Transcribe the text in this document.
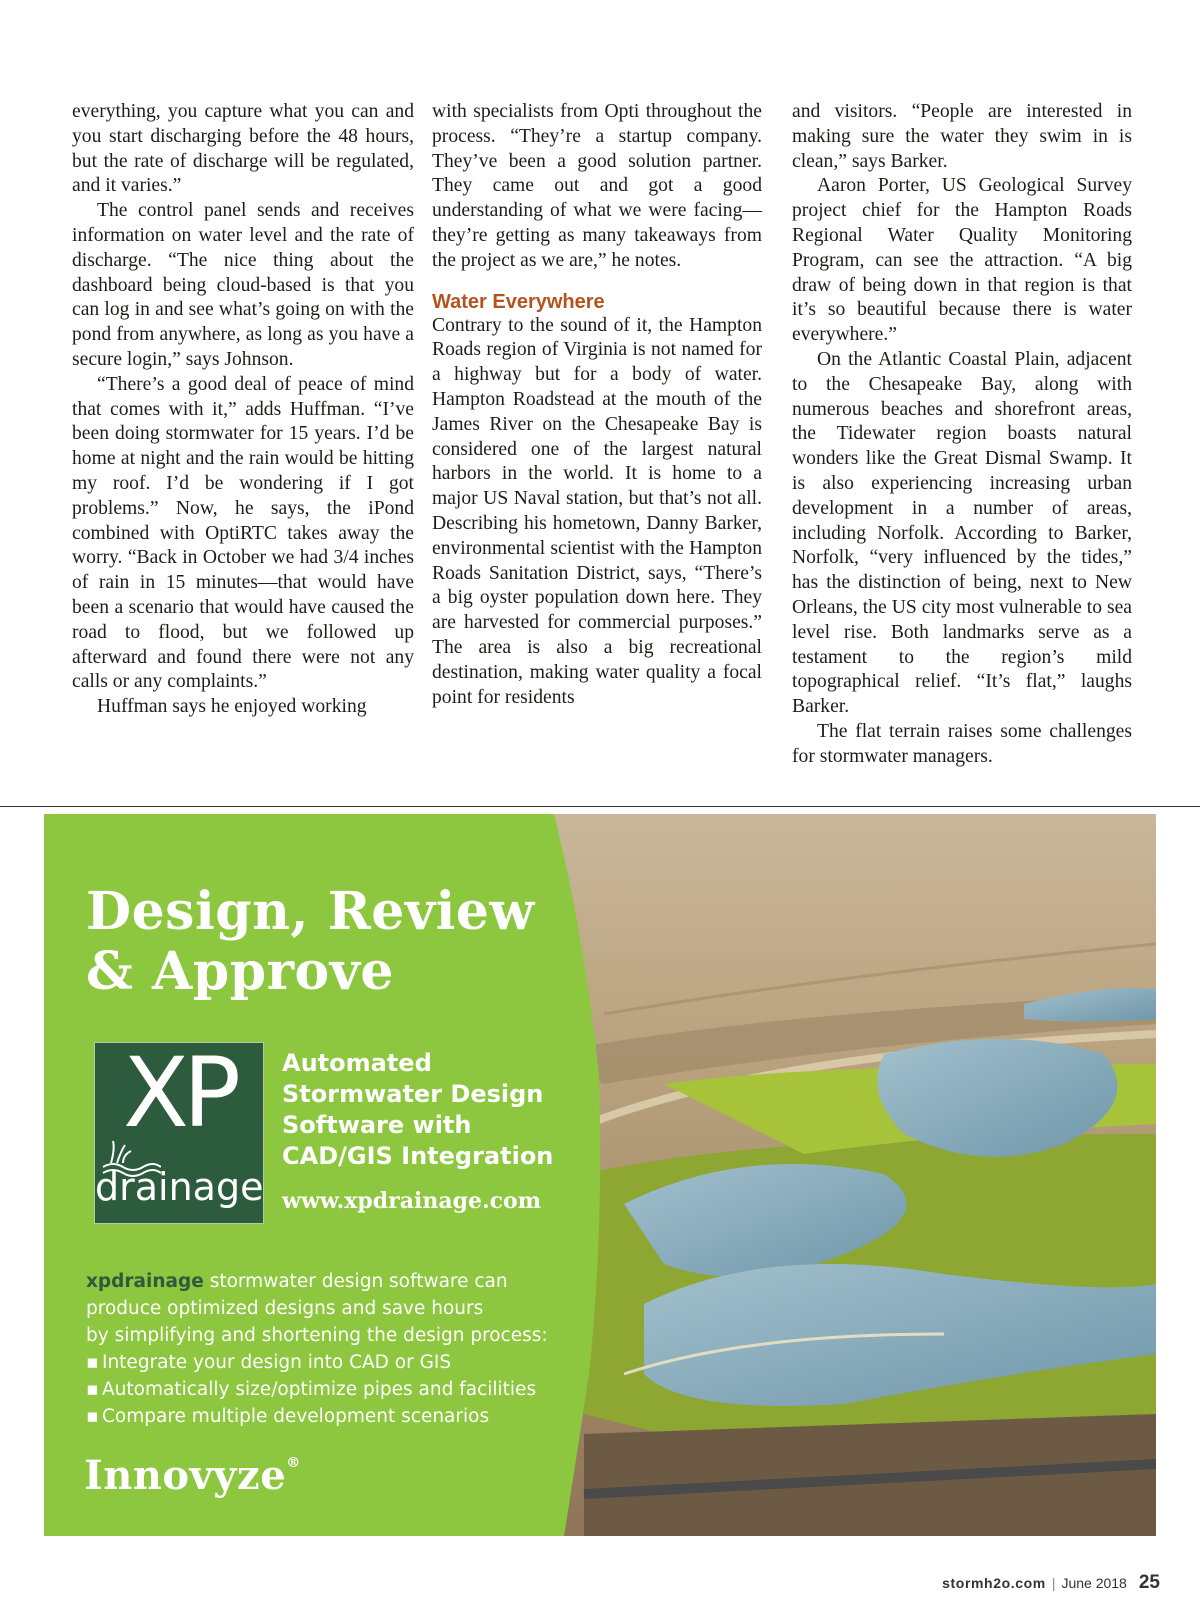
everything, you capture what you can and you start discharging before the 48 hours, but the rate of discharge will be regulated, and it varies.”

The control panel sends and receives information on water level and the rate of discharge. “The nice thing about the dashboard being cloud-based is that you can log in and see what’s going on with the pond from anywhere, as long as you have a secure login,” says Johnson.

“There’s a good deal of peace of mind that comes with it,” adds Huffman. “I’ve been doing stormwater for 15 years. I’d be home at night and the rain would be hitting my roof. I’d be wondering if I got problems.” Now, he says, the iPond combined with OptiRTC takes away the worry. “Back in October we had 3/4 inches of rain in 15 minutes—that would have been a scenario that would have caused the road to flood, but we followed up afterward and found there were not any calls or any complaints.”

Huffman says he enjoyed working

with specialists from Opti throughout the process. “They’re a startup company. They’ve been a good solution partner. They came out and got a good understanding of what we were facing—they’re getting as many takeaways from the project as we are,” he notes.

Water Everywhere

Contrary to the sound of it, the Hampton Roads region of Virginia is not named for a highway but for a body of water. Hampton Roadstead at the mouth of the James River on the Chesapeake Bay is considered one of the largest natural harbors in the world. It is home to a major US Naval station, but that’s not all. Describing his hometown, Danny Barker, environmental scientist with the Hampton Roads Sanitation District, says, “There’s a big oyster population down here. They are harvested for commercial purposes.” The area is also a big recreational destination, making water quality a focal point for residents

and visitors. “People are interested in making sure the water they swim in is clean,” says Barker.

Aaron Porter, US Geological Survey project chief for the Hampton Roads Regional Water Quality Monitoring Program, can see the attraction. “A big draw of being down in that region is that it’s so beautiful because there is water everywhere.”

On the Atlantic Coastal Plain, adjacent to the Chesapeake Bay, along with numerous beaches and shorefront areas, the Tidewater region boasts natural wonders like the Great Dismal Swamp. It is also experiencing increasing urban development in a number of areas, including Norfolk. According to Barker, Norfolk, “very influenced by the tides,” has the distinction of being, next to New Orleans, the US city most vulnerable to sea level rise. Both landmarks serve as a testament to the region’s mild topographical relief. “It’s flat,” laughs Barker.

The flat terrain raises some challenges for stormwater managers.

Design, Review
& Approve
XP
drainage
Automated
Stormwater Design
Software with
CAD/GIS Integration
www.xpdrainage.com
xpdrainage stormwater design software can
produce optimized designs and save hours
by simplifying and shortening the design process:
▪ Integrate your design into CAD or GIS
▪ Automatically size/optimize pipes and facilities
▪ Compare multiple development scenarios
Innovyze®
stormh2o.com | June 2018 25
